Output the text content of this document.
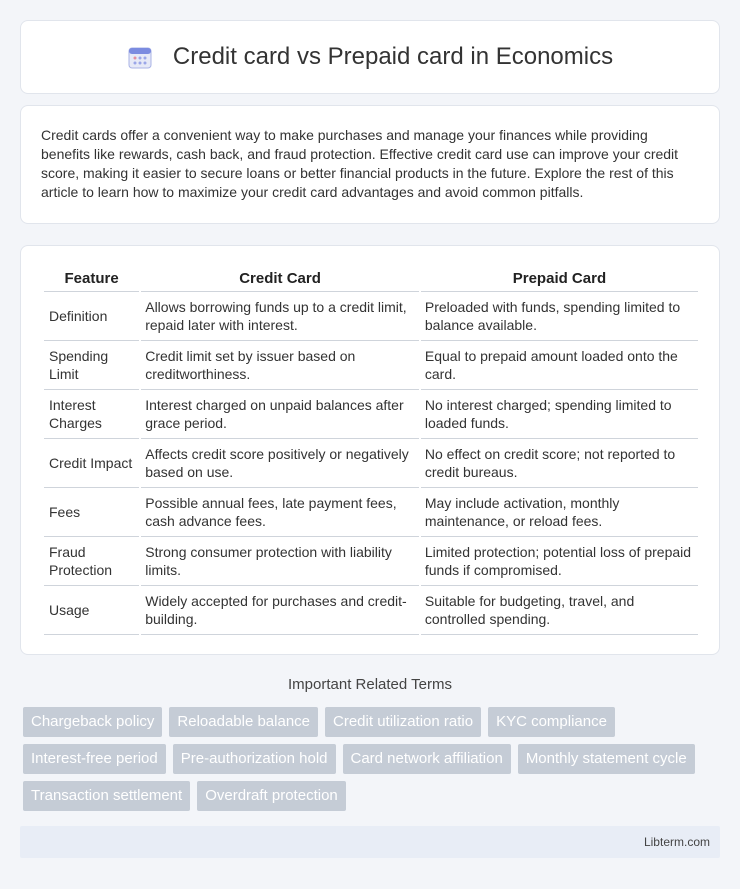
Credit card vs Prepaid card in Economics

Credit cards offer a convenient way to make purchases and manage your finances while providing benefits like rewards, cash back, and fraud protection. Effective credit card use can improve your credit score, making it easier to secure loans or better financial products in the future. Explore the rest of this article to learn how to maximize your credit card advantages and avoid common pitfalls.

Feature	Credit Card	Prepaid Card
Definition	Allows borrowing funds up to a credit limit, repaid later with interest.	Preloaded with funds, spending limited to balance available.
Spending Limit	Credit limit set by issuer based on creditworthiness.	Equal to prepaid amount loaded onto the card.
Interest Charges	Interest charged on unpaid balances after grace period.	No interest charged; spending limited to loaded funds.
Credit Impact	Affects credit score positively or negatively based on use.	No effect on credit score; not reported to credit bureaus.
Fees	Possible annual fees, late payment fees, cash advance fees.	May include activation, monthly maintenance, or reload fees.
Fraud Protection	Strong consumer protection with liability limits.	Limited protection; potential loss of prepaid funds if compromised.
Usage	Widely accepted for purchases and credit-building.	Suitable for budgeting, travel, and controlled spending.
Important Related Terms
Chargeback policy	Reloadable balance	Credit utilization ratio	KYC compliance
Interest-free period	Pre-authorization hold	Card network affiliation	Monthly statement cycle
Transaction settlement	Overdraft protection
Libterm.com
